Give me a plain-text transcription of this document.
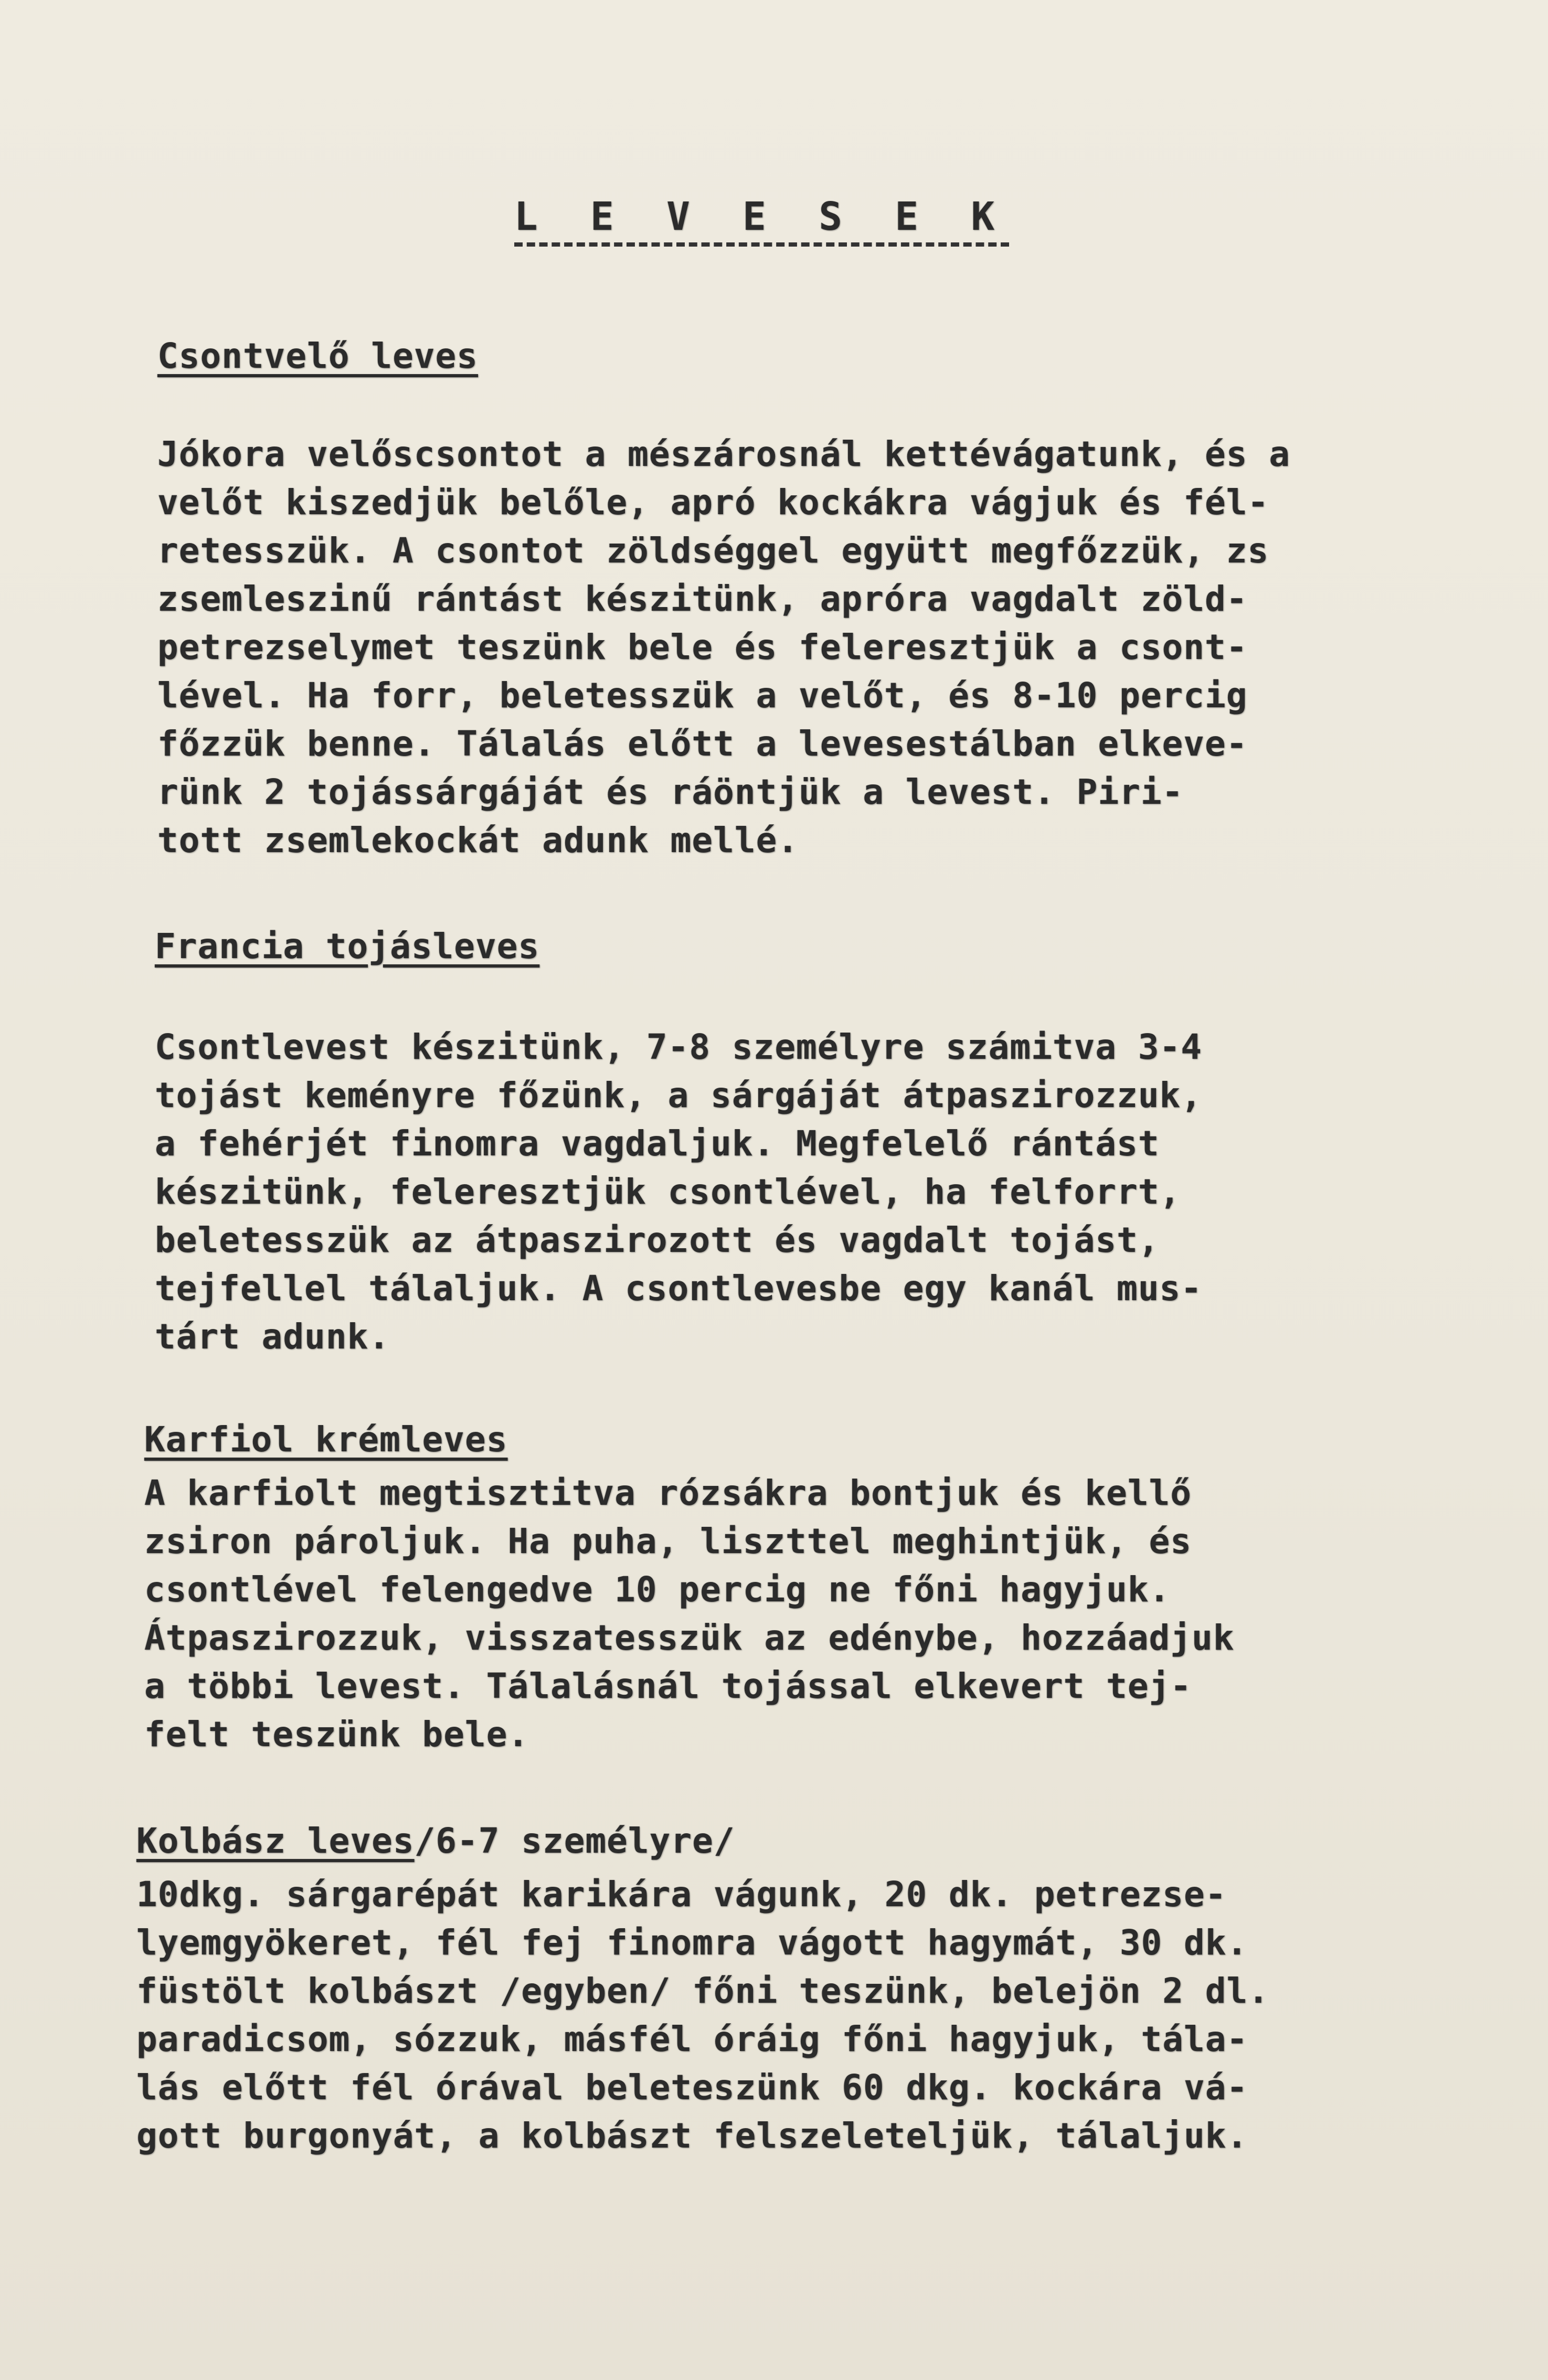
L E V E S E K
Csontvelő leves
Jókora velőscsontot a mészárosnál kettévágatunk, és a
velőt kiszedjük belőle, apró kockákra vágjuk és fél-
retesszük. A csontot zöldséggel együtt megfőzzük, zs
zsemleszinű rántást készitünk, apróra vagdalt zöld-
petrezselymet teszünk bele és feleresztjük a csont-
lével. Ha forr, beletesszük a velőt, és 8-10 percig
főzzük benne. Tálalás előtt a levesestálban elkeve-
rünk 2 tojássárgáját és ráöntjük a levest. Piri-
tott zsemlekockát adunk mellé.
Francia tojásleves
Csontlevest készitünk, 7-8 személyre számitva 3-4
tojást keményre főzünk, a sárgáját átpaszirozzuk,
a fehérjét finomra vagdaljuk. Megfelelő rántást
készitünk, feleresztjük csontlével, ha felforrt,
beletesszük az átpaszirozott és vagdalt tojást,
tejfellel tálaljuk. A csontlevesbe egy kanál mus-
tárt adunk.
Karfiol krémleves
A karfiolt megtisztitva rózsákra bontjuk és kellő
zsiron pároljuk. Ha puha, liszttel meghintjük, és
csontlével felengedve 10 percig ne főni hagyjuk.
Átpaszirozzuk, visszatesszük az edénybe, hozzáadjuk
a többi levest. Tálalásnál tojással elkevert tej-
felt teszünk bele.
Kolbász leves/6-7 személyre/
10dkg. sárgarépát karikára vágunk, 20 dk. petrezse-
lyemgyökeret, fél fej finomra vágott hagymát, 30 dk.
füstölt kolbászt /egyben/ főni teszünk, belejön 2 dl.
paradicsom, sózzuk, másfél óráig főni hagyjuk, tála-
lás előtt fél órával beleteszünk 60 dkg. kockára vá-
gott burgonyát, a kolbászt felszeleteljük, tálaljuk.
